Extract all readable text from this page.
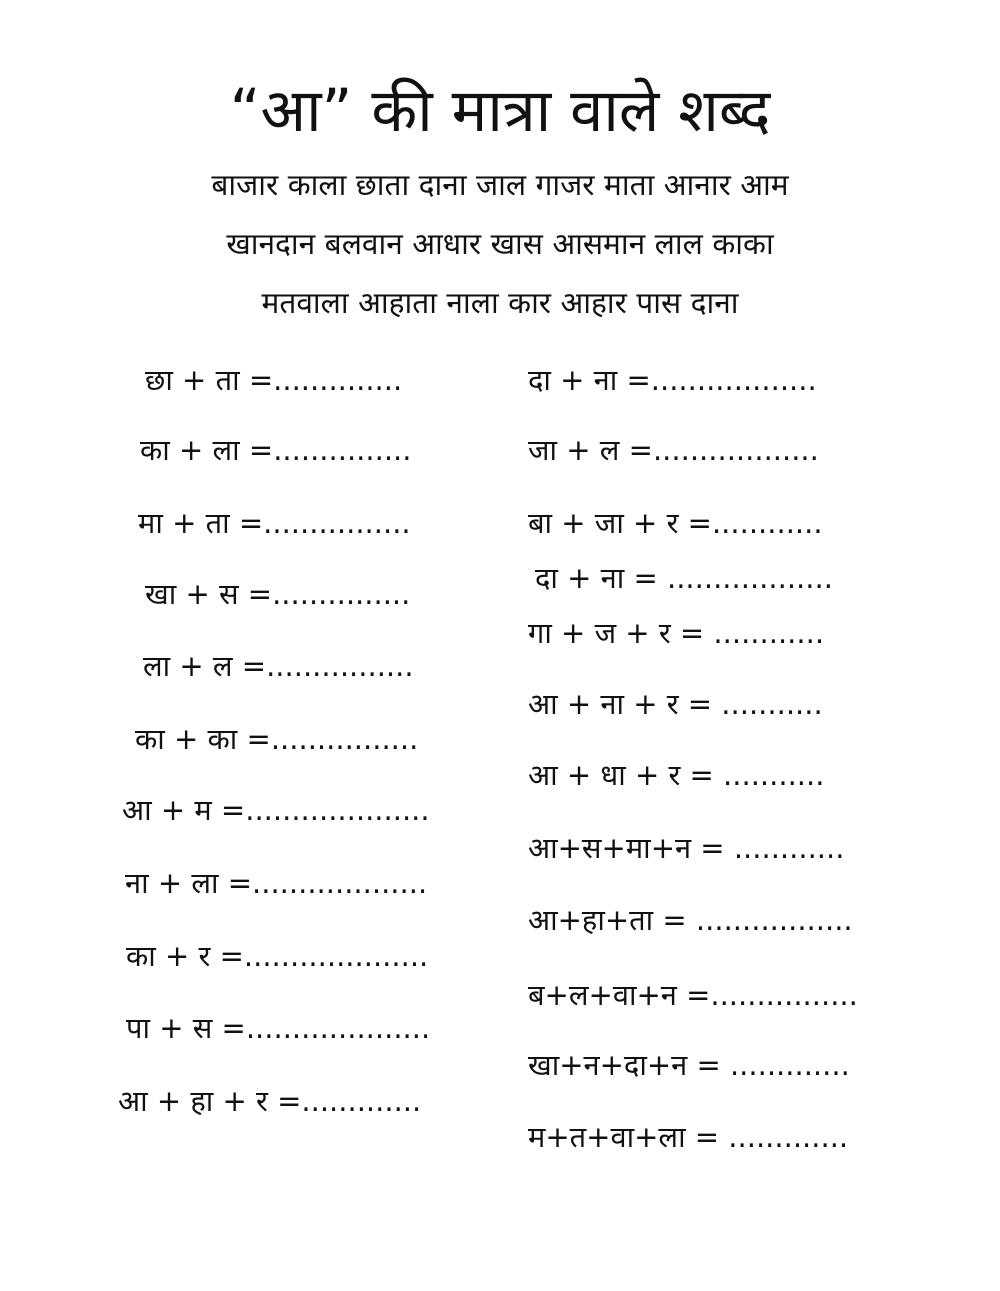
“आ” की मात्रा वाले शब्द
बाजार काला छाता दाना जाल गाजर माता आनार आम
खानदान बलवान आधार खास आसमान लाल काका
मतवाला आहाता नाला कार आहार पास दाना
छा + ता =..............
का + ला =...............
मा + ता =................
खा + स =...............
ला + ल =................
का + का =................
आ + म =....................
ना + ला =...................
का + र =....................
पा + स =....................
आ + हा + र =.............
दा + ना =..................
जा + ल =..................
बा + जा + र =............
दा + ना = ..................
गा + ज + र = ............
आ + ना + र = ...........
आ + धा + र = ...........
आ+स+मा+न = ............
आ+हा+ता = .................
ब+ल+वा+न =................
खा+न+दा+न = .............
म+त+वा+ला = .............
